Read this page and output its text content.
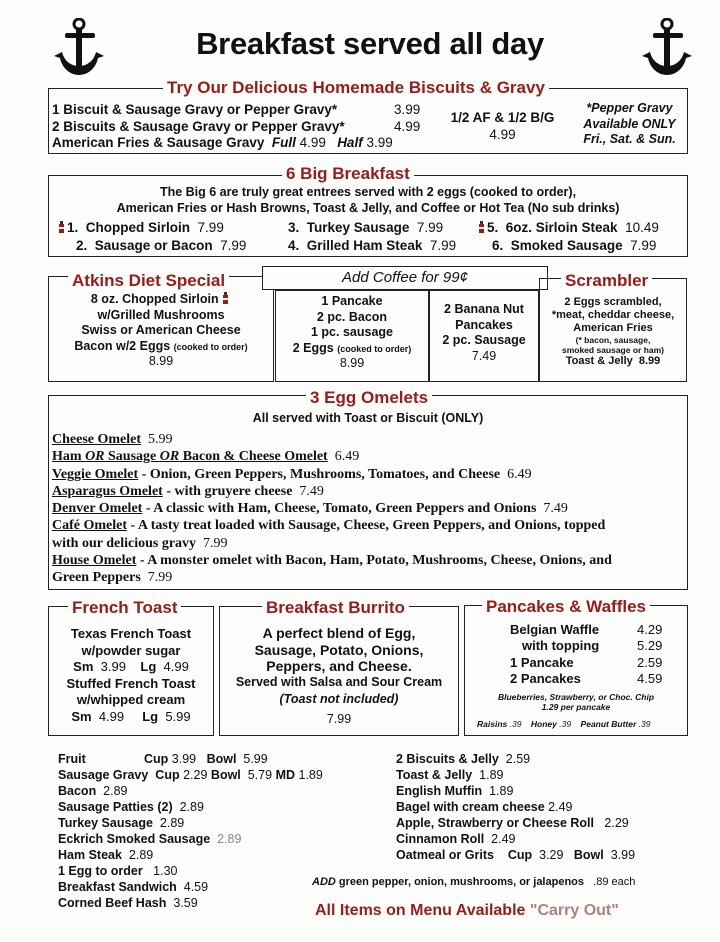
Breakfast served all day
Try Our Delicious Homemade Biscuits & Gravy
1 Biscuit & Sausage Gravy or Pepper Gravy*	3.99
2 Biscuits & Sausage Gravy or Pepper Gravy*	4.99
American Fries & Sausage Gravy Full 4.99 Half 3.99
1/2 AF & 1/2 B/G
4.99
*Pepper Gravy
Available ONLY
Fri., Sat. & Sun.
6 Big Breakfast
The Big 6 are truly great entrees served with 2 eggs (cooked to order),
American Fries or Hash Browns, Toast & Jelly, and Coffee or Hot Tea (No sub drinks)
1. Chopped Sirloin 7.99
2. Sausage or Bacon 7.99
3. Turkey Sausage 7.99
4. Grilled Ham Steak 7.99
5. 6oz. Sirloin Steak 10.49
6. Smoked Sausage 7.99
Atkins Diet Special
8 oz. Chopped Sirloin
w/Grilled Mushrooms
Swiss or American Cheese
Bacon w/2 Eggs (cooked to order)
8.99
Add Coffee for 99¢
1 Pancake
2 pc. Bacon
1 pc. sausage
2 Eggs (cooked to order)
8.99
2 Banana Nut
Pancakes
2 pc. Sausage
7.49
Scrambler
2 Eggs scrambled,
*meat, cheddar cheese,
American Fries
(* bacon, sausage,
smoked sausage or ham)
Toast & Jelly 8.99
3 Egg Omelets
All served with Toast or Biscuit (ONLY)
Cheese Omelet 5.99
Ham OR Sausage OR Bacon & Cheese Omelet 6.49
Veggie Omelet - Onion, Green Peppers, Mushrooms, Tomatoes, and Cheese 6.49
Asparagus Omelet - with gruyere cheese 7.49
Denver Omelet - A classic with Ham, Cheese, Tomato, Green Peppers and Onions 7.49
Café Omelet - A tasty treat loaded with Sausage, Cheese, Green Peppers, and Onions, topped
with our delicious gravy 7.99
House Omelet - A monster omelet with Bacon, Ham, Potato, Mushrooms, Cheese, Onions, and
Green Peppers 7.99
French Toast
Texas French Toast
w/powder sugar
Sm 3.99 Lg 4.99
Stuffed French Toast
w/whipped cream
Sm 4.99 Lg 5.99
Breakfast Burrito
A perfect blend of Egg,
Sausage, Potato, Onions,
Peppers, and Cheese.
Served with Salsa and Sour Cream
(Toast not included)
7.99
Pancakes & Waffles
Belgian Waffle	4.29
with topping	5.29
1 Pancake	2.59
2 Pancakes	4.59
Blueberries, Strawberry, or Choc. Chip
1.29 per pancake
Raisins .39 Honey .39 Peanut Butter .39
Fruit	Cup 3.99 Bowl 5.99
Sausage Gravy Cup 2.29 Bowl 5.79 MD 1.89
Bacon 2.89
Sausage Patties (2) 2.89
Turkey Sausage 2.89
Eckrich Smoked Sausage 2.89
Ham Steak 2.89
1 Egg to order 1.30
Breakfast Sandwich 4.59
Corned Beef Hash 3.59
2 Biscuits & Jelly 2.59
Toast & Jelly 1.89
English Muffin 1.89
Bagel with cream cheese 2.49
Apple, Strawberry or Cheese Roll 2.29
Cinnamon Roll 2.49
Oatmeal or Grits Cup 3.29 Bowl 3.99
ADD green pepper, onion, mushrooms, or jalapenos .89 each
All Items on Menu Available "Carry Out"
